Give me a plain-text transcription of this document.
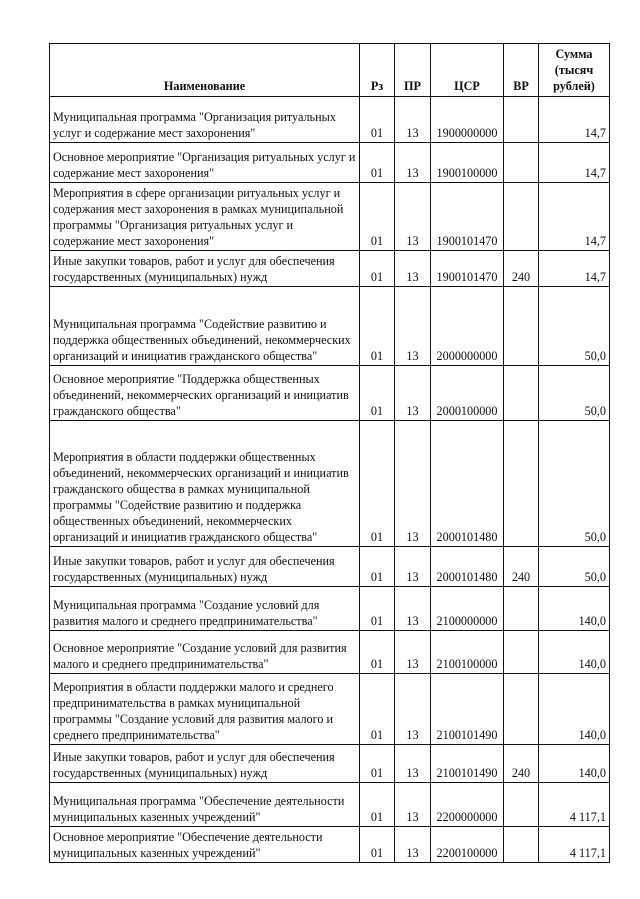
Наименование	Рз	ПР	ЦСР	ВР	Сумма
(тысяч
рублей)

Муниципальная программа "Организация ритуальных услуг и содержание мест захоронения"	01	13	1900000000		14,7
Основное мероприятие "Организация ритуальных услуг и содержание мест захоронения"	01	13	1900100000		14,7
Мероприятия в сфере организации ритуальных услуг и содержания мест захоронения в рамках муниципальной программы "Организация ритуальных услуг и содержание мест захоронения"	01	13	1900101470		14,7
Иные закупки товаров, работ и услуг для обеспечения государственных (муниципальных) нужд	01	13	1900101470	240	14,7
Муниципальная программа "Содействие развитию и поддержка общественных объединений, некоммерческих организаций и инициатив гражданского общества"	01	13	2000000000		50,0
Основное мероприятие "Поддержка общественных объединений, некоммерческих организаций и инициатив гражданского общества"	01	13	2000100000		50,0
Мероприятия в области поддержки общественных объединений, некоммерческих организаций и инициатив гражданского общества в рамках муниципальной программы "Содействие развитию и поддержка общественных объединений, некоммерческих организаций и инициатив гражданского общества"	01	13	2000101480		50,0
Иные закупки товаров, работ и услуг для обеспечения государственных (муниципальных) нужд	01	13	2000101480	240	50,0
Муниципальная программа "Создание условий для развития малого и среднего предпринимательства"	01	13	2100000000		140,0
Основное мероприятие "Создание условий для развития малого и среднего предпринимательства"	01	13	2100100000		140,0
Мероприятия в области поддержки малого и среднего предпринимательства в рамках муниципальной программы "Создание условий для развития малого и среднего предпринимательства"	01	13	2100101490		140,0
Иные закупки товаров, работ и услуг для обеспечения государственных (муниципальных) нужд	01	13	2100101490	240	140,0
Муниципальная программа "Обеспечение деятельности муниципальных казенных учреждений"	01	13	2200000000		4 117,1
Основное мероприятие "Обеспечение деятельности муниципальных казенных учреждений"	01	13	2200100000		4 117,1
